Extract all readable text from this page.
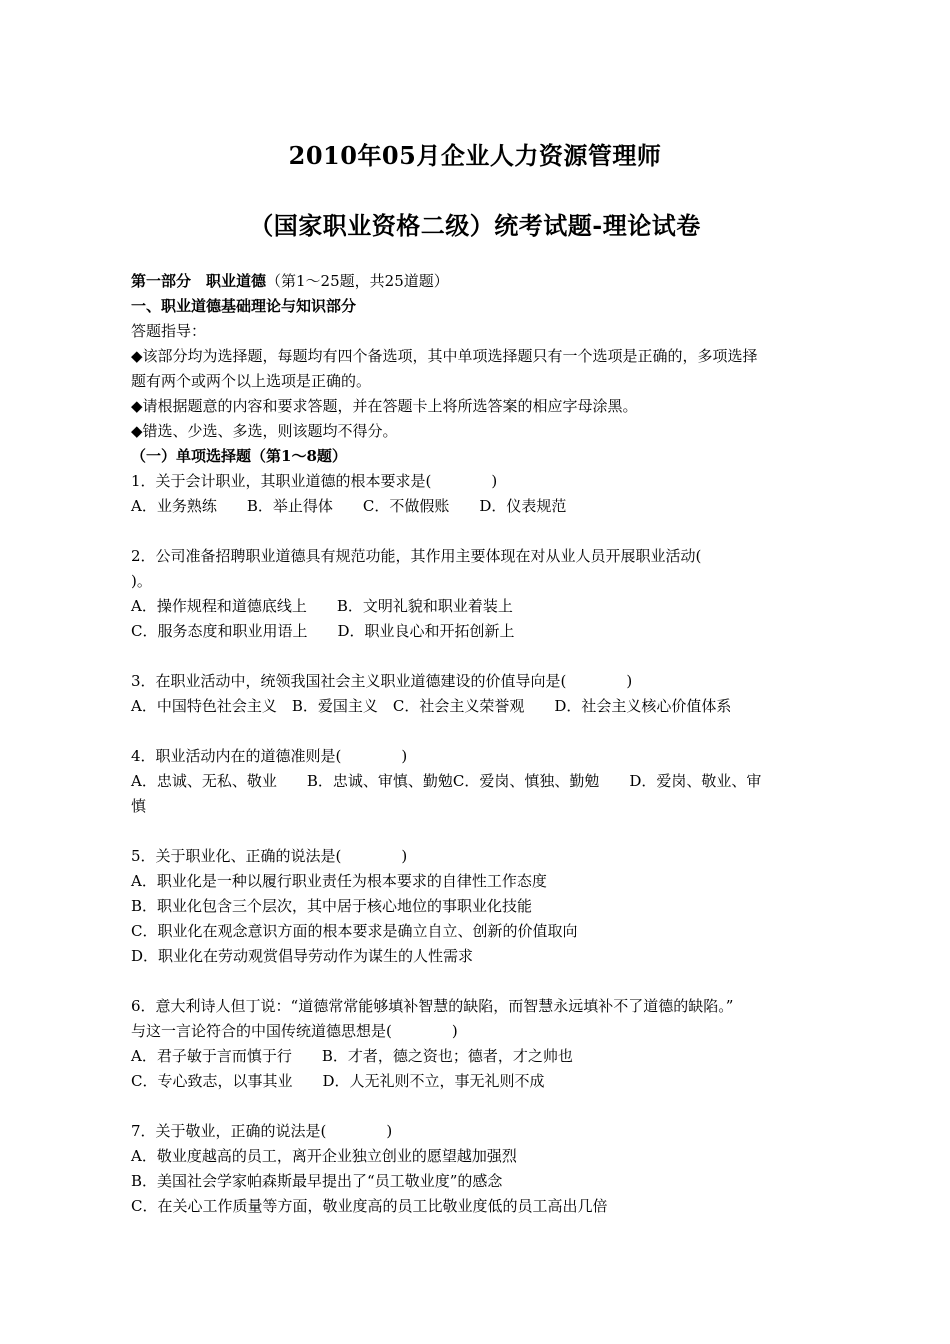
2010年05月企业人力资源管理师
（国家职业资格二级）统考试题-理论试卷
第一部分　职业道德（第1～25题，共25道题）
一、职业道德基础理论与知识部分
答题指导：
◆该部分均为选择题，每题均有四个备选项，其中单项选择题只有一个选项是正确的，多项选择
题有两个或两个以上选项是正确的。
◆请根据题意的内容和要求答题，并在答题卡上将所选答案的相应字母涂黑。
◆错选、少选、多选，则该题均不得分。
（一）单项选择题（第1～8题）
1．关于会计职业，其职业道德的根本要求是(　　　　)
A．业务熟练　　B．举止得体　　C．不做假账　　D．仪表规范
2．公司准备招聘职业道德具有规范功能，其作用主要体现在对从业人员开展职业活动(
)。
A．操作规程和道德底线上　　B．文明礼貌和职业着装上
C．服务态度和职业用语上　　D．职业良心和开拓创新上
3．在职业活动中，统领我国社会主义职业道德建设的价值导向是(　　　　)
A．中国特色社会主义　B．爱国主义　C．社会主义荣誉观　　D．社会主义核心价值体系
4．职业活动内在的道德准则是(　　　　)
A．忠诚、无私、敬业　　B．忠诚、审慎、勤勉C．爱岗、慎独、勤勉　　D．爱岗、敬业、审
慎
5．关于职业化、正确的说法是(　　　　)
A．职业化是一种以履行职业责任为根本要求的自律性工作态度
B．职业化包含三个层次，其中居于核心地位的事职业化技能
C．职业化在观念意识方面的根本要求是确立自立、创新的价值取向
D．职业化在劳动观赏倡导劳动作为谋生的人性需求
6．意大利诗人但丁说：“道德常常能够填补智慧的缺陷，而智慧永远填补不了道德的缺陷。”
与这一言论符合的中国传统道德思想是(　　　　)
A．君子敏于言而慎于行　　B．才者，德之资也；德者，才之帅也
C．专心致志，以事其业　　D．人无礼则不立，事无礼则不成
7．关于敬业，正确的说法是(　　　　)
A．敬业度越高的员工，离开企业独立创业的愿望越加强烈
B．美国社会学家帕森斯最早提出了“员工敬业度”的感念
C．在关心工作质量等方面，敬业度高的员工比敬业度低的员工高出几倍
